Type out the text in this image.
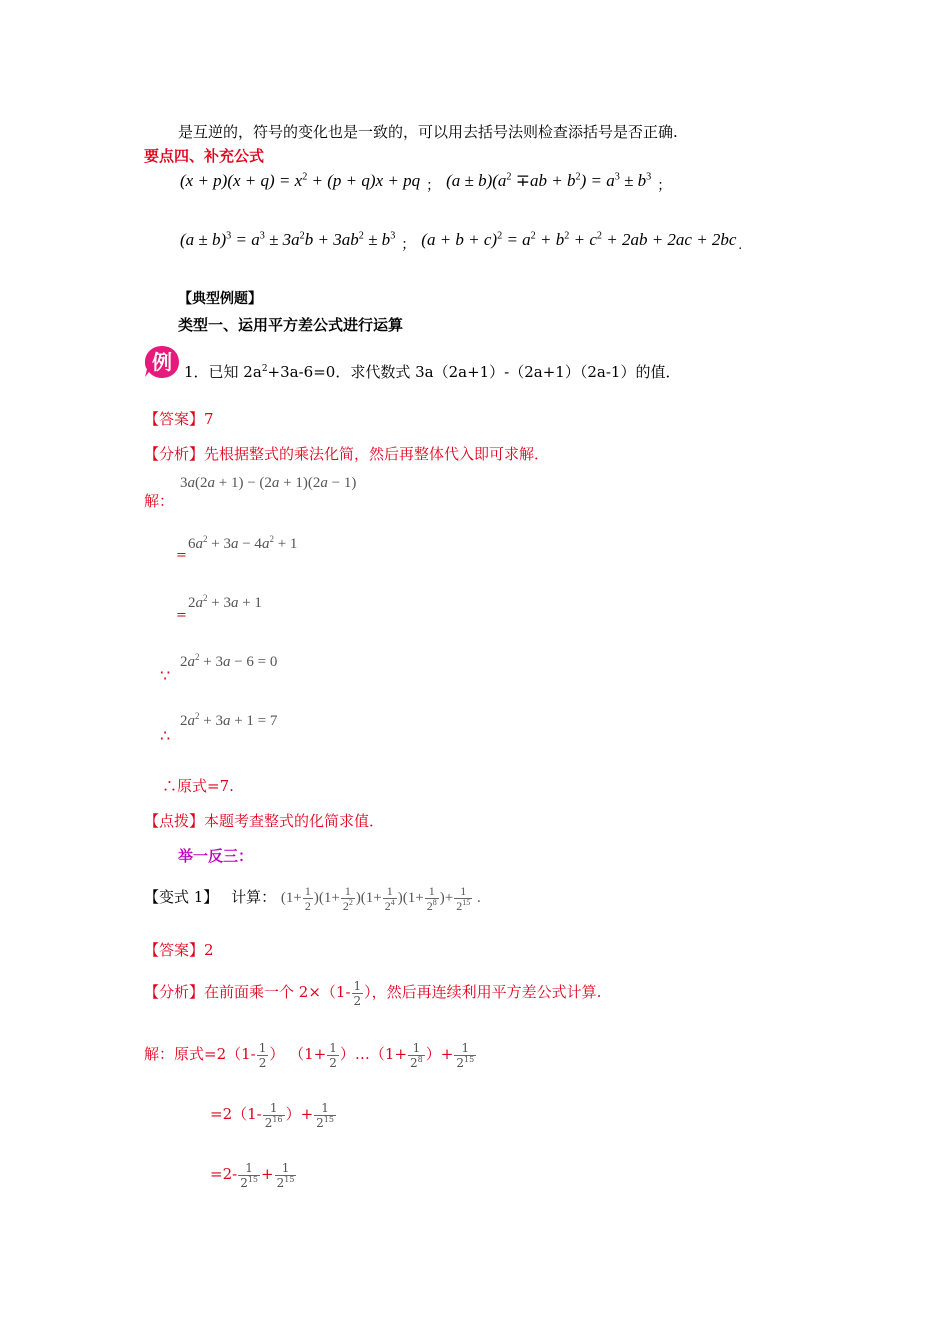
是互逆的，符号的变化也是一致的，可以用去括号法则检查添括号是否正确.
要点四、补充公式
$(x + p)(x + q) = x^2 + (p + q)x$ + pq $_;$ $(a \pm b)(a^2 \mp ab + b^2) = a^3 \pm b^3_;$
$(a \pm b)^3 = a^3 \pm 3a^2b + 3ab^2 \pm b^3_;$ $(a + b + c)^2 = a^2 + b^2 + c^2 + 2ab + 2ac + 2bc$ $_.$
【典型例题】
类型一、运用平方差公式进行运算
例 1．已知 $2a^2+3a-6=0$．求代数式 3a（2a+1）-（2a+1）（2a-1）的值．
【答案】7
【分析】先根据整式的乘法化简，然后再整体代入即可求解．
解：
3a(2a + 1) − (2a + 1)(2a − 1)
=
$6a^2 + 3a - 4a^2 + 1$
=
$2a^2 + 3a + 1$
∵
$2a^2 + 3a - 6 = 0$
∴
$2a^2 + 3a + 1 = 7$
∴原式=7.
【点拨】本题考查整式的化简求值．
举一反三：
【变式 1】 计算： $(1+ \frac{1}{2} )(1+ \frac{1}{2^2} )(1+ \frac{1}{2^4} )(1+ \frac{1}{2^8}$ )+ $\frac{1}{2^{15}}$ .
【答案】2
【分析】在前面乘一个 $2\times(1- \frac{1}{2}$ ），然后再连续利用平方差公式计算.
解：原式$=2(1- \frac{1}{2}$ ） （$1+ \frac{1}{2}$ ）…（1+ $\frac{1}{2^8}$ ）+ $\frac{1}{2^{15}}$
$=2(1- \frac{1}{2^{16}}$ ）+ $\frac{1}{2^{15}}$
$=2- \frac{1}{2^{15}} + \frac{1}{2^{15}}$
